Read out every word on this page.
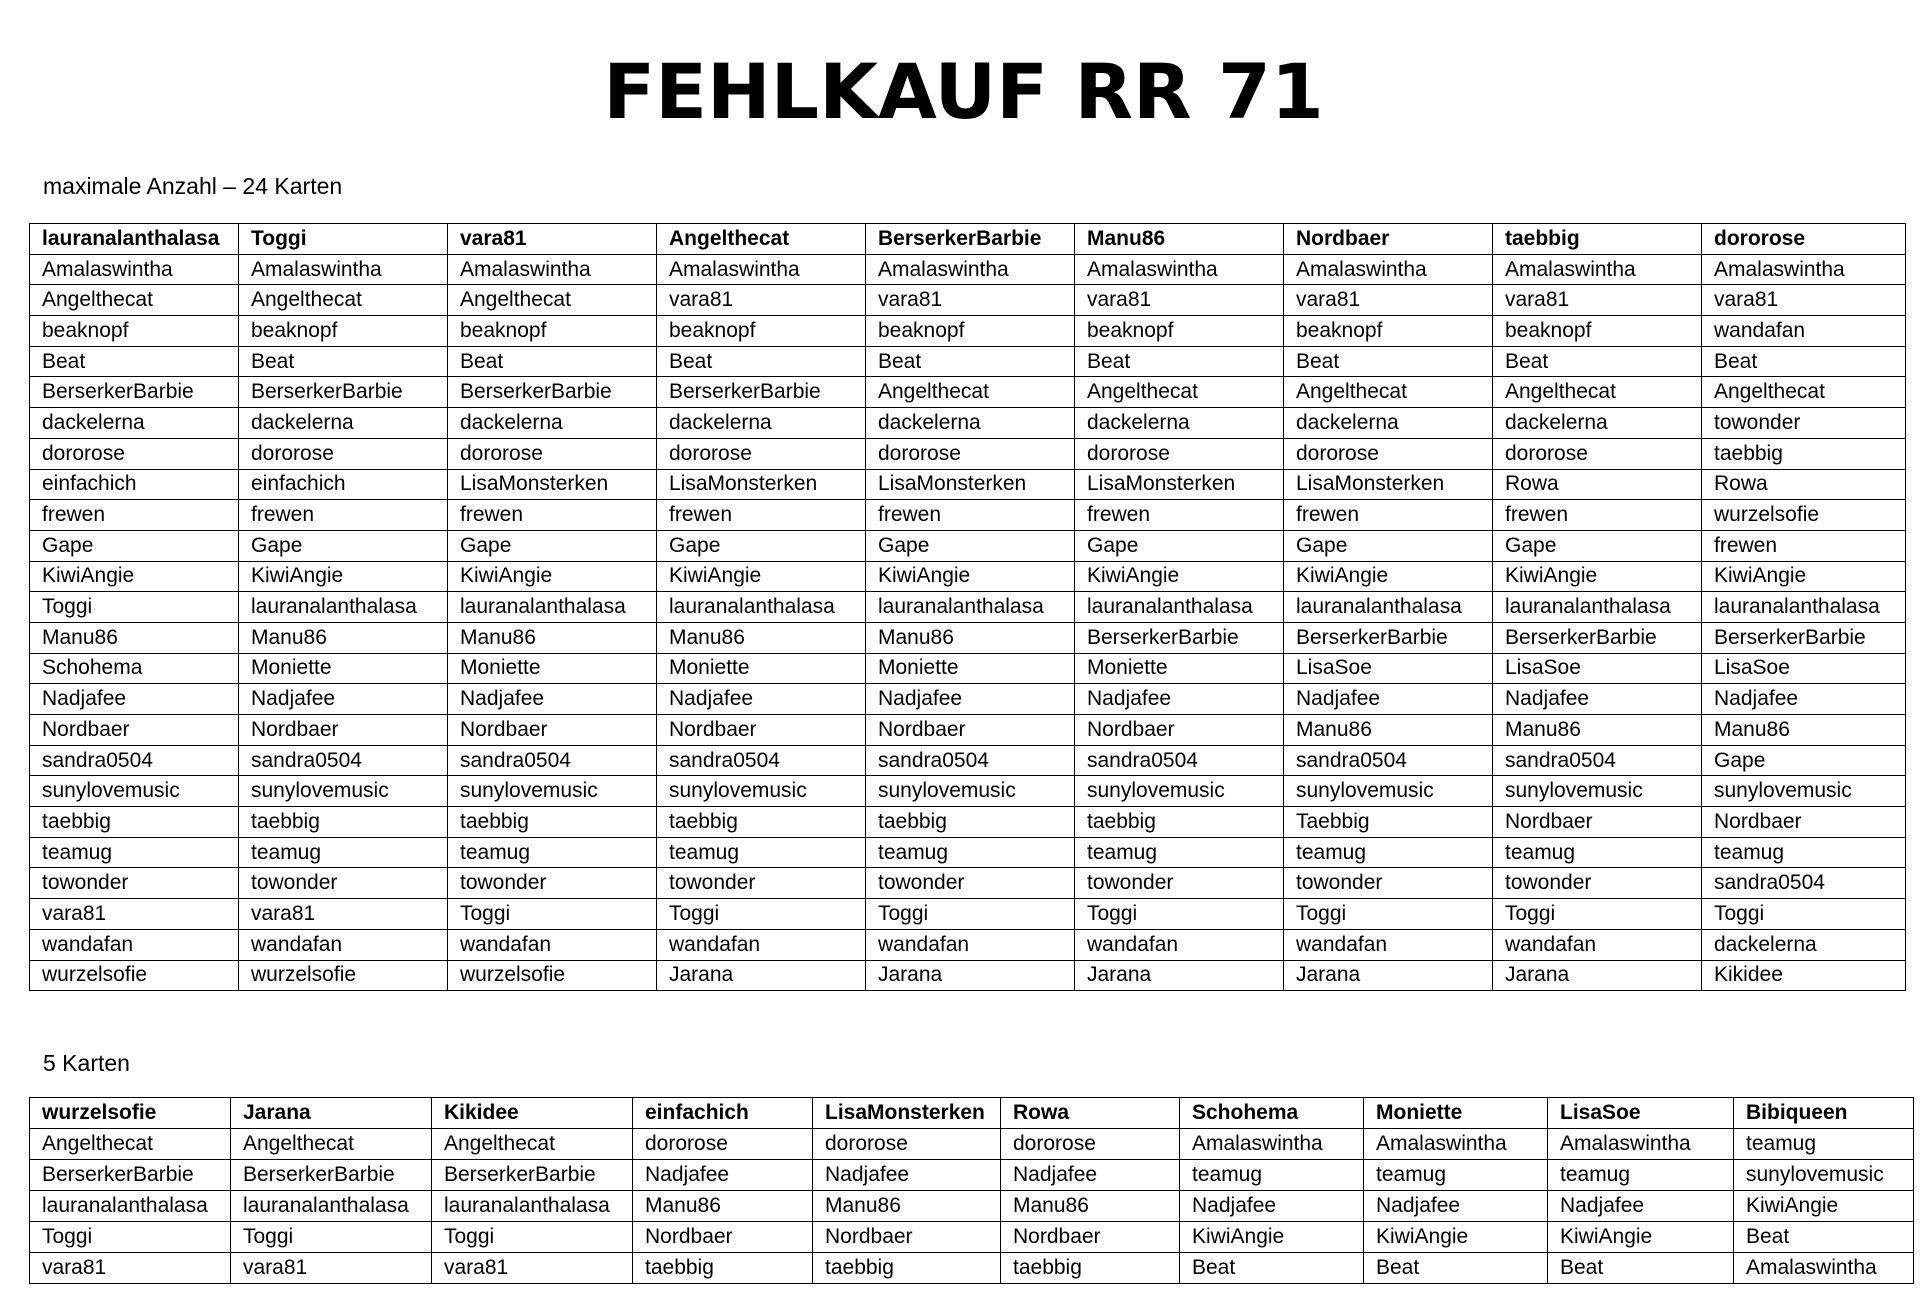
FEHLKAUF RR 71
maximale Anzahl – 24 Karten
lauranalanthalasa	Toggi	vara81	Angelthecat	BerserkerBarbie	Manu86	Nordbaer	taebbig	dororose
Amalaswintha	Amalaswintha	Amalaswintha	Amalaswintha	Amalaswintha	Amalaswintha	Amalaswintha	Amalaswintha	Amalaswintha
Angelthecat	Angelthecat	Angelthecat	vara81	vara81	vara81	vara81	vara81	vara81
beaknopf	beaknopf	beaknopf	beaknopf	beaknopf	beaknopf	beaknopf	beaknopf	wandafan
Beat	Beat	Beat	Beat	Beat	Beat	Beat	Beat	Beat
BerserkerBarbie	BerserkerBarbie	BerserkerBarbie	BerserkerBarbie	Angelthecat	Angelthecat	Angelthecat	Angelthecat	Angelthecat
dackelerna	dackelerna	dackelerna	dackelerna	dackelerna	dackelerna	dackelerna	dackelerna	towonder
dororose	dororose	dororose	dororose	dororose	dororose	dororose	dororose	taebbig
einfachich	einfachich	LisaMonsterken	LisaMonsterken	LisaMonsterken	LisaMonsterken	LisaMonsterken	Rowa	Rowa
frewen	frewen	frewen	frewen	frewen	frewen	frewen	frewen	wurzelsofie
Gape	Gape	Gape	Gape	Gape	Gape	Gape	Gape	frewen
KiwiAngie	KiwiAngie	KiwiAngie	KiwiAngie	KiwiAngie	KiwiAngie	KiwiAngie	KiwiAngie	KiwiAngie
Toggi	lauranalanthalasa	lauranalanthalasa	lauranalanthalasa	lauranalanthalasa	lauranalanthalasa	lauranalanthalasa	lauranalanthalasa	lauranalanthalasa
Manu86	Manu86	Manu86	Manu86	Manu86	BerserkerBarbie	BerserkerBarbie	BerserkerBarbie	BerserkerBarbie
Schohema	Moniette	Moniette	Moniette	Moniette	Moniette	LisaSoe	LisaSoe	LisaSoe
Nadjafee	Nadjafee	Nadjafee	Nadjafee	Nadjafee	Nadjafee	Nadjafee	Nadjafee	Nadjafee
Nordbaer	Nordbaer	Nordbaer	Nordbaer	Nordbaer	Nordbaer	Manu86	Manu86	Manu86
sandra0504	sandra0504	sandra0504	sandra0504	sandra0504	sandra0504	sandra0504	sandra0504	Gape
sunylovemusic	sunylovemusic	sunylovemusic	sunylovemusic	sunylovemusic	sunylovemusic	sunylovemusic	sunylovemusic	sunylovemusic
taebbig	taebbig	taebbig	taebbig	taebbig	taebbig	Taebbig	Nordbaer	Nordbaer
teamug	teamug	teamug	teamug	teamug	teamug	teamug	teamug	teamug
towonder	towonder	towonder	towonder	towonder	towonder	towonder	towonder	sandra0504
vara81	vara81	Toggi	Toggi	Toggi	Toggi	Toggi	Toggi	Toggi
wandafan	wandafan	wandafan	wandafan	wandafan	wandafan	wandafan	wandafan	dackelerna
wurzelsofie	wurzelsofie	wurzelsofie	Jarana	Jarana	Jarana	Jarana	Jarana	Kikidee
5 Karten
wurzelsofie	Jarana	Kikidee	einfachich	LisaMonsterken	Rowa	Schohema	Moniette	LisaSoe	Bibiqueen
Angelthecat	Angelthecat	Angelthecat	dororose	dororose	dororose	Amalaswintha	Amalaswintha	Amalaswintha	teamug
BerserkerBarbie	BerserkerBarbie	BerserkerBarbie	Nadjafee	Nadjafee	Nadjafee	teamug	teamug	teamug	sunylovemusic
lauranalanthalasa	lauranalanthalasa	lauranalanthalasa	Manu86	Manu86	Manu86	Nadjafee	Nadjafee	Nadjafee	KiwiAngie
Toggi	Toggi	Toggi	Nordbaer	Nordbaer	Nordbaer	KiwiAngie	KiwiAngie	KiwiAngie	Beat
vara81	vara81	vara81	taebbig	taebbig	taebbig	Beat	Beat	Beat	Amalaswintha
